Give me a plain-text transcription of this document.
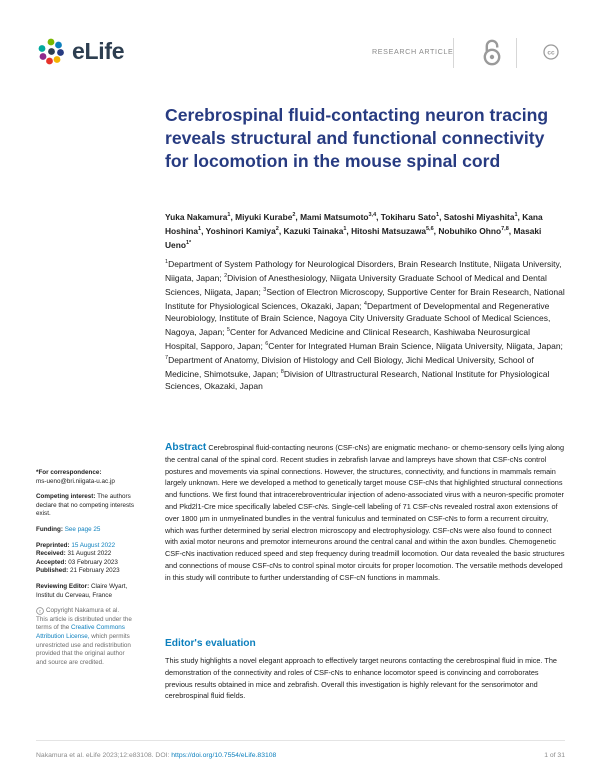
eLife	RESEARCH ARTICLE	cc
Cerebrospinal fluid-contacting neuron tracing reveals structural and functional connectivity for locomotion in the mouse spinal cord
Yuka Nakamura$^1$, Miyuki Kurabe$^2$, Mami Matsumoto$^{3,4}$, Tokiharu Sato$^1$, Satoshi Miyashita$^1$, Kana Hoshina$^1$, Yoshinori Kamiya$^2$, Kazuki Tainaka$^1$, Hitoshi Matsuzawa$^{5,6}$, Nobuhiko Ohno$^{7,8}$, Masaki Ueno$^{1*}$
$^1$Department of System Pathology for Neurological Disorders, Brain Research Institute, Niigata University, Niigata, Japan; $^2$Division of Anesthesiology, Niigata University Graduate School of Medical and Dental Sciences, Niigata, Japan; $^3$Section of Electron Microscopy, Supportive Center for Brain Research, National Institute for Physiological Sciences, Okazaki, Japan; $^4$Department of Developmental and Regenerative Neurobiology, Institute of Brain Science, Nagoya City University Graduate School of Medical Sciences, Nagoya, Japan; $^5$Center for Advanced Medicine and Clinical Research, Kashiwaba Neurosurgical Hospital, Sapporo, Japan; $^6$Center for Integrated Human Brain Science, Niigata University, Niigata, Japan; $^7$Department of Anatomy, Division of Histology and Cell Biology, Jichi Medical University, School of Medicine, Shimotsuke, Japan; $^8$Division of Ultrastructural Research, National Institute for Physiological Sciences, Okazaki, Japan
*For correspondence:
ms-ueno@bri.niigata-u.ac.jp
Competing interest: The authors declare that no competing interests exist.
Funding: See page 25
Preprinted: 15 August 2022
Received: 31 August 2022
Accepted: 03 February 2023
Published: 21 February 2023
Reviewing Editor: Claire Wyart, Institut du Cerveau, France
c Copyright Nakamura et al.
This article is distributed under the terms of the Creative Commons Attribution License, which permits unrestricted use and redistribution provided that the original author and source are credited.

Abstract Cerebrospinal fluid-contacting neurons (CSF-cNs) are enigmatic mechano- or chemo-sensory cells lying along the central canal of the spinal cord. Recent studies in zebrafish larvae and lampreys have shown that CSF-cNs control postures and movements via spinal connections. However, the structures, connectivity, and functions in mammals remain largely unknown. Here we developed a method to genetically target mouse CSF-cNs that highlighted structural connections and functions. We first found that intracerebroventricular injection of adeno-associated virus with a neuron-specific promoter and Pkd2l1-Cre mice specifically labeled CSF-cNs. Single-cell labeling of 71 CSF-cNs revealed rostral axon extensions of over 1800 µm in unmyelinated bundles in the ventral funiculus and terminated on CSF-cNs to form a recurrent circuitry, which was further determined by serial electron microscopy and electrophysiology. CSF-cNs were also found to connect with axial motor neurons and premotor interneurons around the central canal and within the axon bundles. Chemogenetic CSF-cNs inactivation reduced speed and step frequency during treadmill locomotion. Our data revealed the basic structures and connections of mouse CSF-cNs to control spinal motor circuits for proper locomotion. The versatile methods developed in this study will contribute to further understanding of CSF-cN functions in mammals.

Editor's evaluation

This study highlights a novel elegant approach to effectively target neurons contacting the cerebrospinal fluid in mice. The demonstration of the connectivity and roles of CSF-cNs to enhance locomotor speed is convincing and corroborates previous results obtained in mice and zebrafish. Overall this investigation is highly relevant for the sensorimotor and cerebrospinal fluid fields.

Nakamura et al. eLife 2023;12:e83108. DOI: https://doi.org/10.7554/eLife.83108	1 of 31
